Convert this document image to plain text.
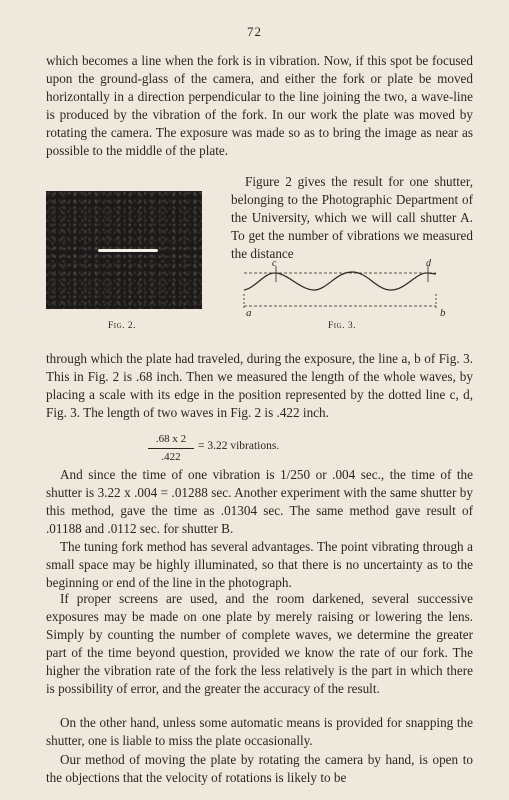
72

which becomes a line when the fork is in vibration. Now, if this spot be focused upon the ground-glass of the camera, and either the fork or plate be moved horizontally in a direction perpendicular to the line joining the two, a wave-line is produced by the vibration of the fork. In our work the plate was moved by rotating the camera. The exposure was made so as to bring the image as near as possible to the middle of the plate.

Figure 2 gives the result for one shutter, belonging to the Photographic Department of the University, which we will call shutter A. To get the number of vibrations we measured the distance

c	d
a	b
Fig. 2.	Fig. 3.

through which the plate had traveled, during the exposure, the line a, b of Fig. 3. This in Fig. 2 is .68 inch. Then we measured the length of the whole waves, by placing a scale with its edge in the position represented by the dotted line c, d, Fig. 3. The length of two waves in Fig. 2 is .422 inch.

.68 x 2
.422
= 3.22 vibrations.

And since the time of one vibration is 1/250 or .004 sec., the time of the shutter is 3.22 x .004 = .01288 sec. Another experiment with the same shutter by this method, gave the time as .01304 sec. The same method gave result of .01188 and .0112 sec. for shutter B.

The tuning fork method has several advantages. The point vibrating through a small space may be highly illuminated, so that there is no uncertainty as to the beginning or end of the line in the photograph.

If proper screens are used, and the room darkened, several successive exposures may be made on one plate by merely raising or lowering the lens. Simply by counting the number of complete waves, we determine the greater part of the time beyond question, provided we know the rate of our fork. The higher the vibration rate of the fork the less relatively is the part in which there is possibility of error, and the greater the accuracy of the result.

On the other hand, unless some automatic means is provided for snapping the shutter, one is liable to miss the plate occasionally.

Our method of moving the plate by rotating the camera by hand, is open to the objections that the velocity of rotations is likely to be
